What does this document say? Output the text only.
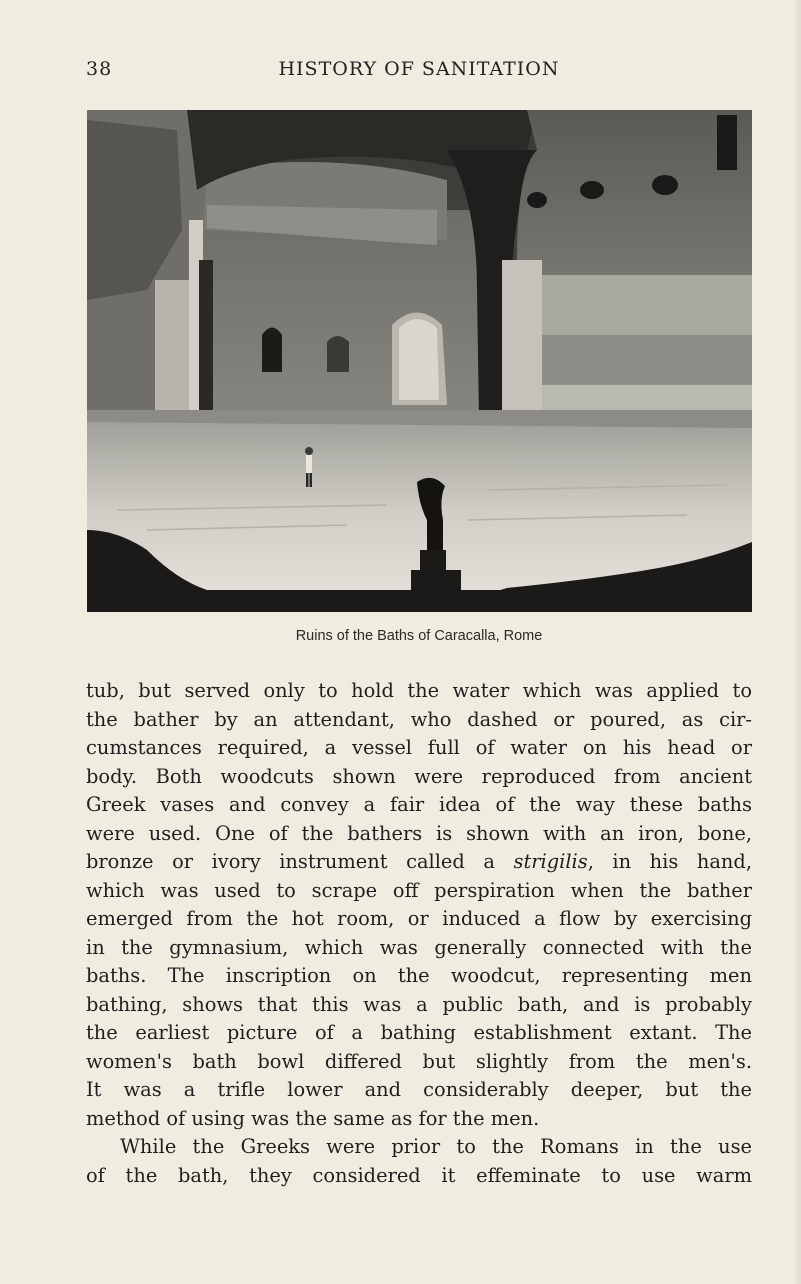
38	HISTORY OF SANITATION
Ruins of the Baths of Caracalla, Rome

tub, but served only to hold the water which was applied to

the bather by an attendant, who dashed or poured, as cir-

cumstances required, a vessel full of water on his head or

body. Both woodcuts shown were reproduced from ancient

Greek vases and convey a fair idea of the way these baths

were used. One of the bathers is shown with an iron, bone,

bronze or ivory instrument called a strigilis, in his hand,

which was used to scrape off perspiration when the bather

emerged from the hot room, or induced a flow by exercising

in the gymnasium, which was generally connected with the

baths. The inscription on the woodcut, representing men

bathing, shows that this was a public bath, and is probably

the earliest picture of a bathing establishment extant. The

women's bath bowl differed but slightly from the men's.

It was a trifle lower and considerably deeper, but the

method of using was the same as for the men.

While the Greeks were prior to the Romans in the use

of the bath, they considered it effeminate to use warm
